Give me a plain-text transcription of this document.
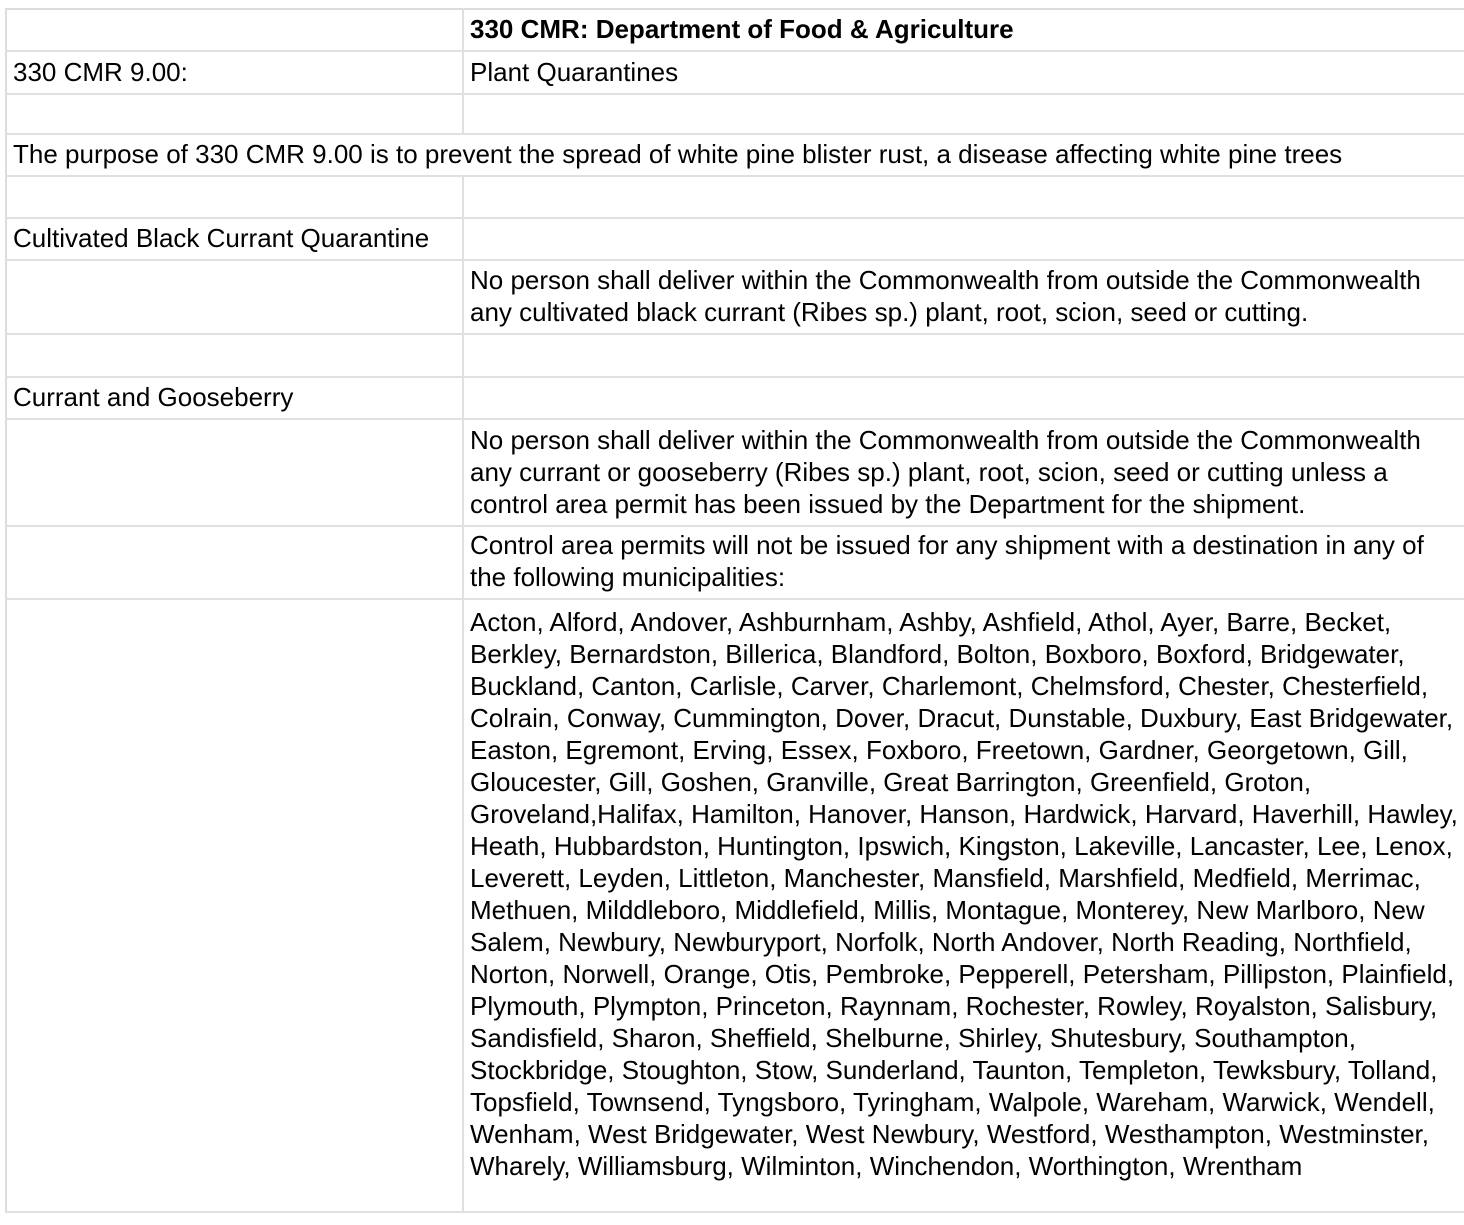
	330 CMR: Department of Food & Agriculture
330 CMR 9.00:	Plant Quarantines

The purpose of 330 CMR 9.00 is to prevent the spread of white pine blister rust, a disease affecting white pine trees	

Cultivated Black Currant Quarantine	
	No person shall deliver within the Commonwealth from outside the Commonwealth any cultivated black currant (Ribes sp.) plant, root, scion, seed or cutting.

Currant and Gooseberry	
	No person shall deliver within the Commonwealth from outside the Commonwealth any currant or gooseberry (Ribes sp.) plant, root, scion, seed or cutting unless a control area permit has been issued by the Department for the shipment.
	Control area permits will not be issued for any shipment with a destination in any of the following municipalities:
	Acton, Alford, Andover, Ashburnham, Ashby, Ashfield, Athol, Ayer, Barre, Becket, Berkley, Bernardston, Billerica, Blandford, Bolton, Boxboro, Boxford, Bridgewater, Buckland, Canton, Carlisle, Carver, Charlemont, Chelmsford, Chester, Chesterfield, Colrain, Conway, Cummington, Dover, Dracut, Dunstable, Duxbury, East Bridgewater, Easton, Egremont, Erving, Essex, Foxboro, Freetown, Gardner, Georgetown, Gill, Gloucester, Gill, Goshen, Granville, Great Barrington, Greenfield, Groton, Groveland,Halifax, Hamilton, Hanover, Hanson, Hardwick, Harvard, Haverhill, Hawley, Heath, Hubbardston, Huntington, Ipswich, Kingston, Lakeville, Lancaster, Lee, Lenox, Leverett, Leyden, Littleton, Manchester, Mansfield, Marshfield, Medfield, Merrimac, Methuen, Milddleboro, Middlefield, Millis, Montague, Monterey, New Marlboro, New Salem, Newbury, Newburyport, Norfolk, North Andover, North Reading, Northfield, Norton, Norwell, Orange, Otis, Pembroke, Pepperell, Petersham, Pillipston, Plainfield, Plymouth, Plympton, Princeton, Raynnam, Rochester, Rowley, Royalston, Salisbury, Sandisfield, Sharon, Sheffield, Shelburne, Shirley, Shutesbury, Southampton, Stockbridge, Stoughton, Stow, Sunderland, Taunton, Templeton, Tewksbury, Tolland, Topsfield, Townsend, Tyngsboro, Tyringham, Walpole, Wareham, Warwick, Wendell, Wenham, West Bridgewater, West Newbury, Westford, Westhampton, Westminster, Wharely, Williamsburg, Wilminton, Winchendon, Worthington, Wrentham
